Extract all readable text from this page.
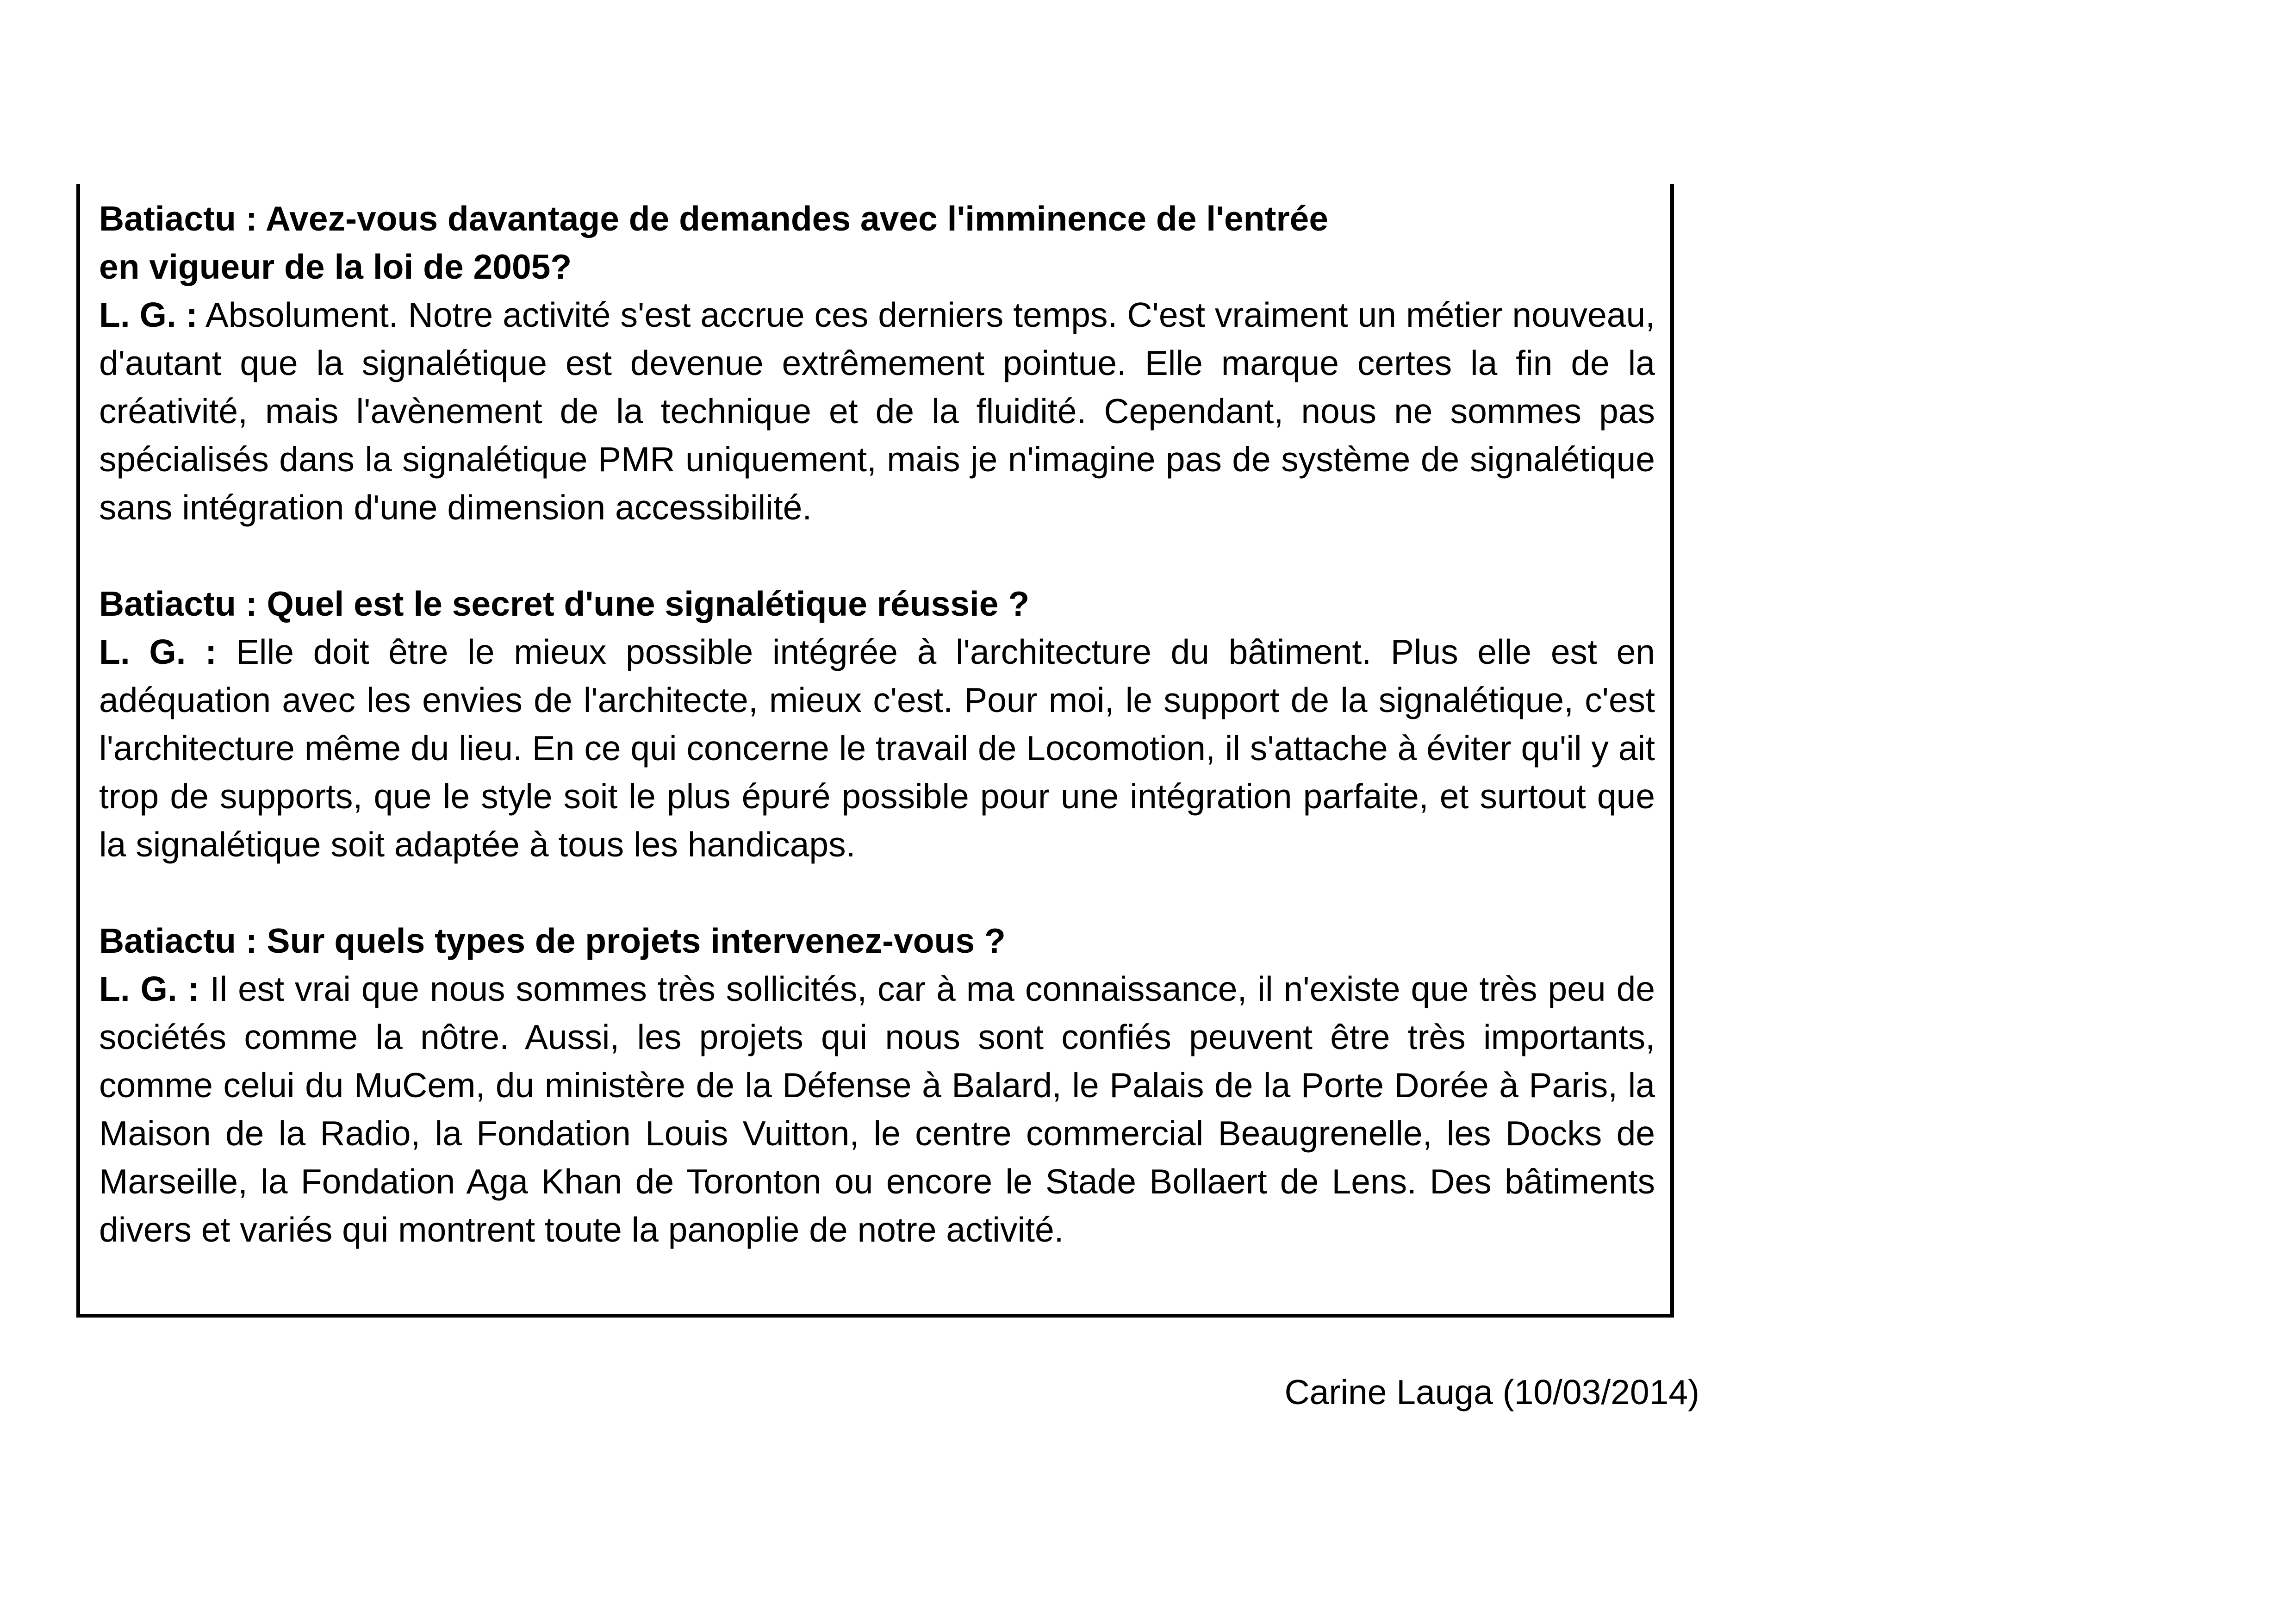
Batiactu : Avez-vous davantage de demandes avec l'imminence de l'entrée en vigueur de la loi de 2005?

L. G. : Absolument. Notre activité s'est accrue ces derniers temps. C'est vraiment un métier nouveau, d'autant que la signalétique est devenue extrêmement pointue. Elle marque certes la fin de la créativité, mais l'avènement de la technique et de la fluidité. Cependant, nous ne sommes pas spécialisés dans la signalétique PMR uniquement, mais je n'imagine pas de système de signalétique sans intégration d'une dimension accessibilité.

Batiactu : Quel est le secret d'une signalétique réussie ?

L. G. : Elle doit être le mieux possible intégrée à l'architecture du bâtiment. Plus elle est en adéquation avec les envies de l'architecte, mieux c'est. Pour moi, le support de la signalétique, c'est l'architecture même du lieu. En ce qui concerne le travail de Locomotion, il s'attache à éviter qu'il y ait trop de supports, que le style soit le plus épuré possible pour une intégration parfaite, et surtout que la signalétique soit adaptée à tous les handicaps.

Batiactu : Sur quels types de projets intervenez-vous ?

L. G. : Il est vrai que nous sommes très sollicités, car à ma connaissance, il n'existe que très peu de sociétés comme la nôtre. Aussi, les projets qui nous sont confiés peuvent être très importants, comme celui du MuCem, du ministère de la Défense à Balard, le Palais de la Porte Dorée à Paris, la Maison de la Radio, la Fondation Louis Vuitton, le centre commercial Beaugrenelle, les Docks de Marseille, la Fondation Aga Khan de Toronton ou encore le Stade Bollaert de Lens. Des bâtiments divers et variés qui montrent toute la panoplie de notre activité.

Carine Lauga (10/03/2014)
